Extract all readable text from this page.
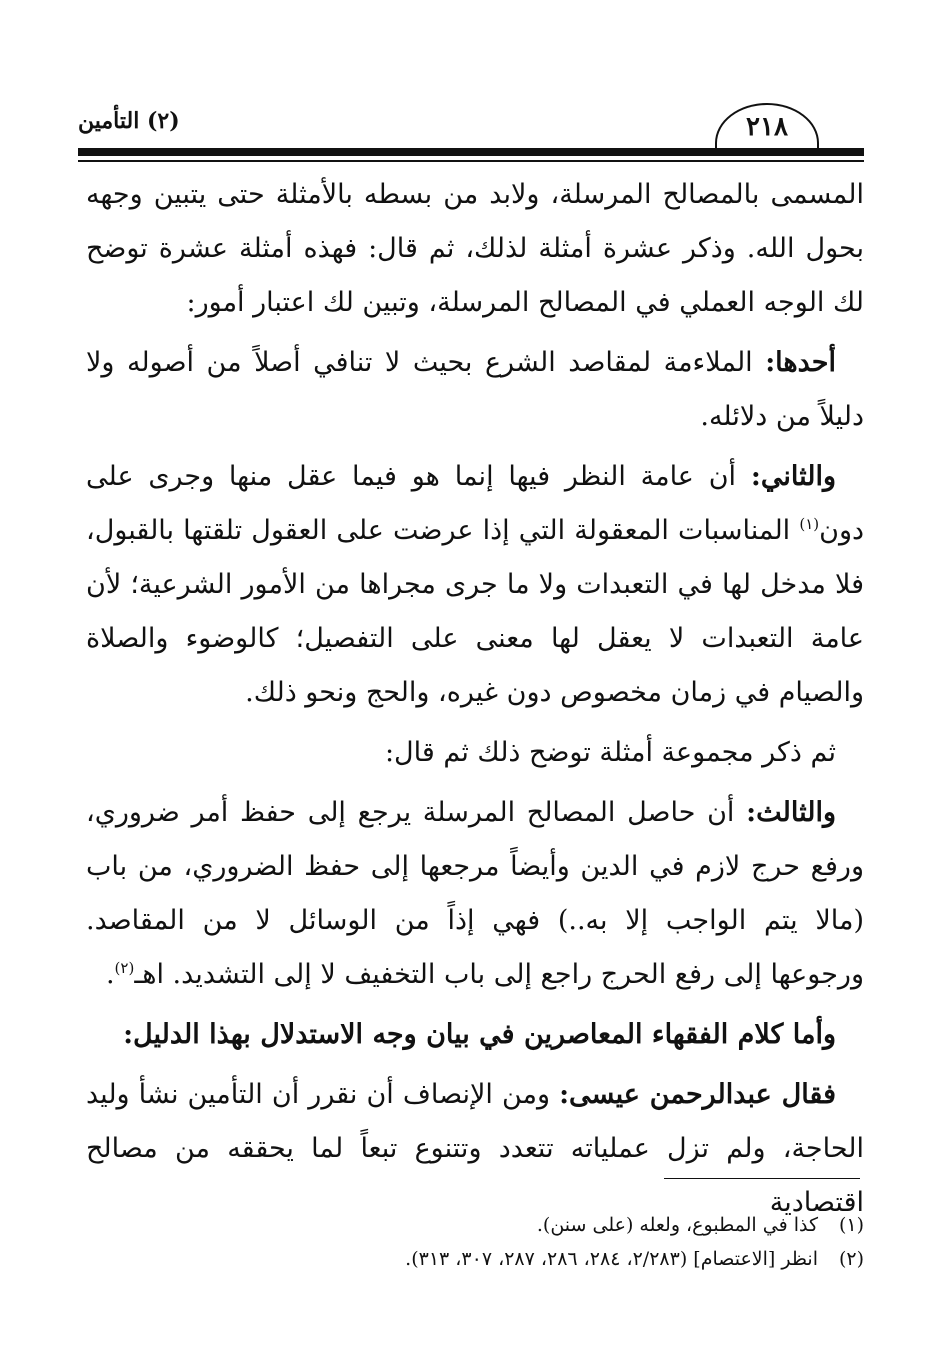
٢١٨
(٢) التأمين

المسمى بالمصالح المرسلة، ولابد من بسطه بالأمثلة حتى يتبين وجهه بحول الله. وذكر عشرة أمثلة لذلك، ثم قال: فهذه أمثلة عشرة توضح لك الوجه العملي في المصالح المرسلة، وتبين لك اعتبار أمور:

أحدها: الملاءمة لمقاصد الشرع بحيث لا تنافي أصلاً من أصوله ولا دليلاً من دلائله.

والثاني: أن عامة النظر فيها إنما هو فيما عقل منها وجرى على دون$^{(١)}$ المناسبات المعقولة التي إذا عرضت على العقول تلقتها بالقبول، فلا مدخل لها في التعبدات ولا ما جرى مجراها من الأمور الشرعية؛ لأن عامة التعبدات لا يعقل لها معنى على التفصيل؛ كالوضوء والصلاة والصيام في زمان مخصوص دون غيره، والحج ونحو ذلك.

ثم ذكر مجموعة أمثلة توضح ذلك ثم قال:

والثالث: أن حاصل المصالح المرسلة يرجع إلى حفظ أمر ضروري، ورفع حرج لازم في الدين وأيضاً مرجعها إلى حفظ الضروري، من باب (مالا يتم الواجب إلا به..) فهي إذاً من الوسائل لا من المقاصد. ورجوعها إلى رفع الحرج راجع إلى باب التخفيف لا إلى التشديد. اهـ$^{(٢)}$.

وأما كلام الفقهاء المعاصرين في بيان وجه الاستدلال بهذا الدليل:

فقال عبدالرحمن عيسى: ومن الإنصاف أن نقرر أن التأمين نشأ وليد الحاجة، ولم تزل عملياته تتعدد وتتنوع تبعاً لما يحققه من مصالح اقتصادية

(١)
كذا في المطبوع، ولعله (على سنن).
(٢)
انظر [الاعتصام] (٢/٢٨٣، ٢٨٤، ٢٨٦، ٢٨٧، ٣٠٧، ٣١٣).
